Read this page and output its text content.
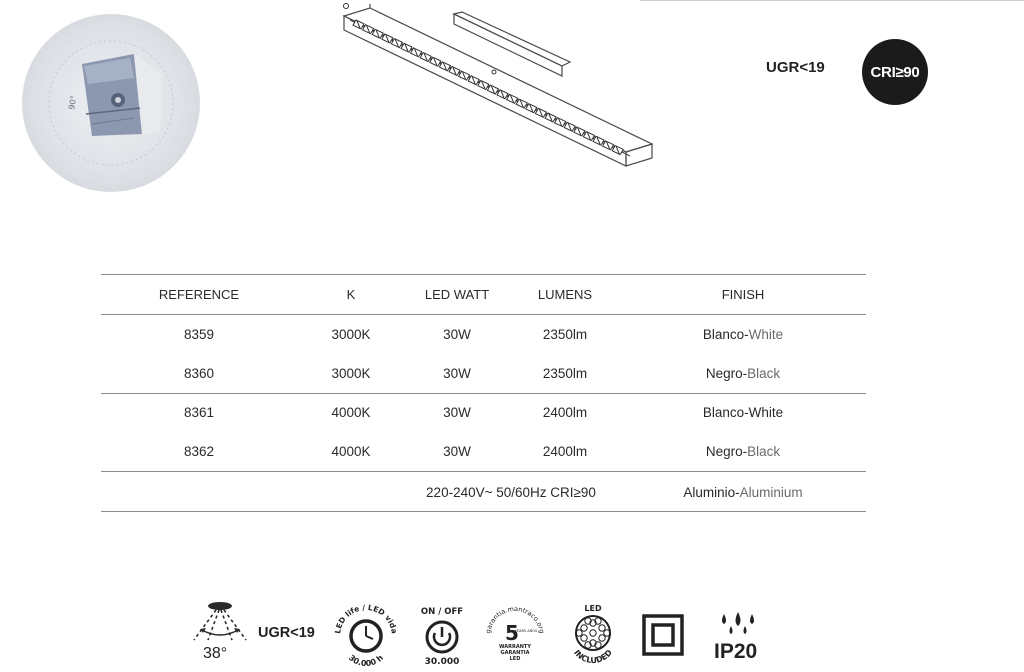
90°
UGR<19	CRI≥90
REFERENCE	K	LED WATT	LUMENS	FINISH
8359	3000K	30W	2350lm	Blanco-White
8360	3000K	30W	2350lm	Negro-Black
8361	4000K	30W	2400lm	Blanco-White
8362	4000K	30W	2400lm	Negro-Black
220-240V~ 50/60Hz CRI≥90	Aluminio-Aluminium
38°
UGR<19 LED life / LED vida
30.000 h
ON / OFF
30.000
garantia.mantraco.org
5
YEARS AÑOS
WARRANTY
GARANTIA
LED
LED
INCLUDED	IP20
